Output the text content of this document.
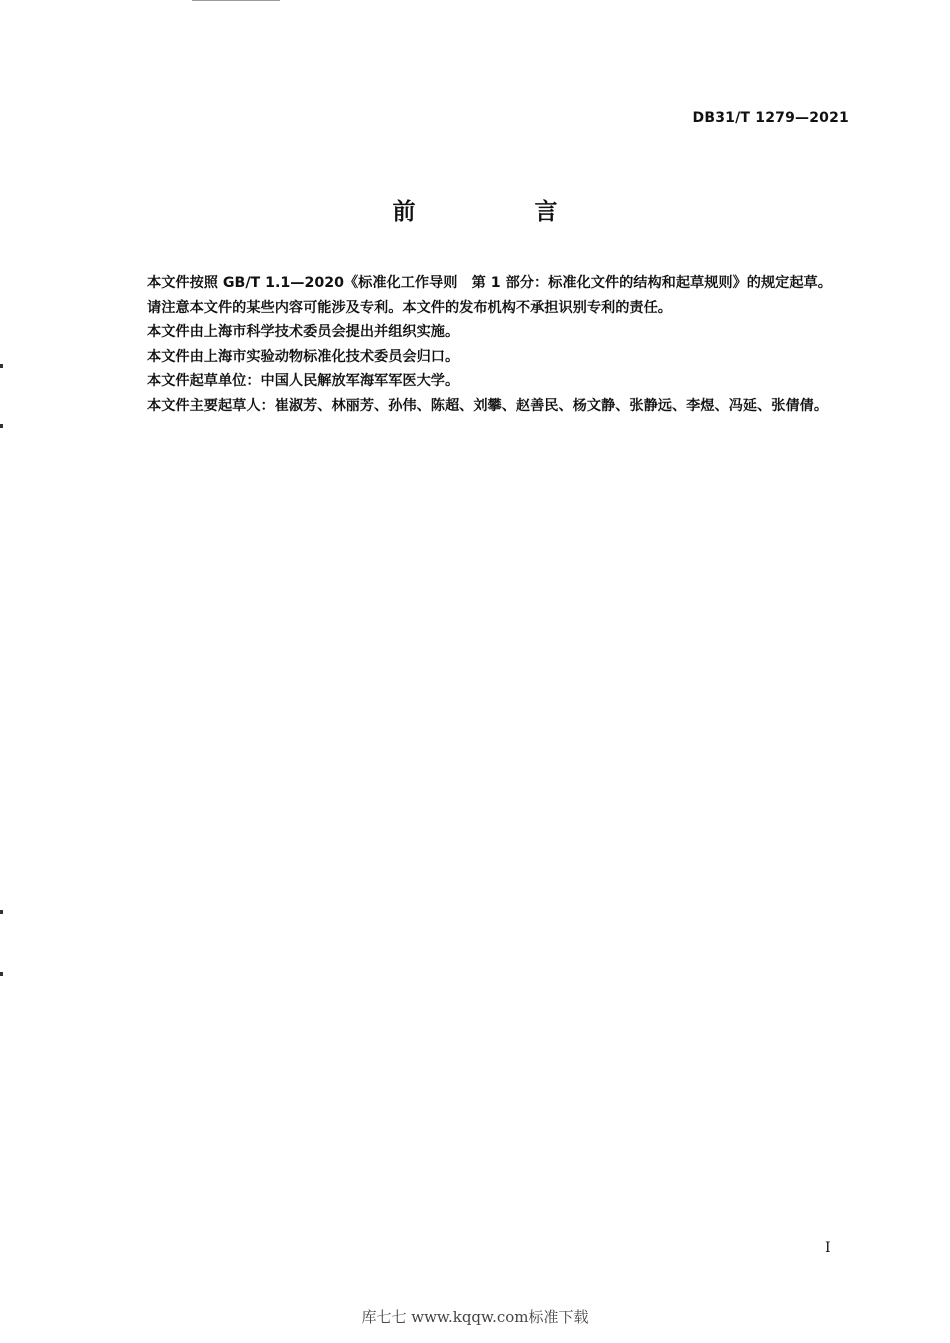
DB31/T 1279—2021
前　言

本文件按照 GB/T 1.1—2020《标准化工作导则　第 1 部分：标准化文件的结构和起草规则》的规定起草。

请注意本文件的某些内容可能涉及专利。本文件的发布机构不承担识别专利的责任。

本文件由上海市科学技术委员会提出并组织实施。

本文件由上海市实验动物标准化技术委员会归口。

本文件起草单位：中国人民解放军海军军医大学。

本文件主要起草人：崔淑芳、林丽芳、孙伟、陈超、刘攀、赵善民、杨文静、张静远、李煜、冯延、张倩倩。

I
库七七 www.kqqw.com标准下载
